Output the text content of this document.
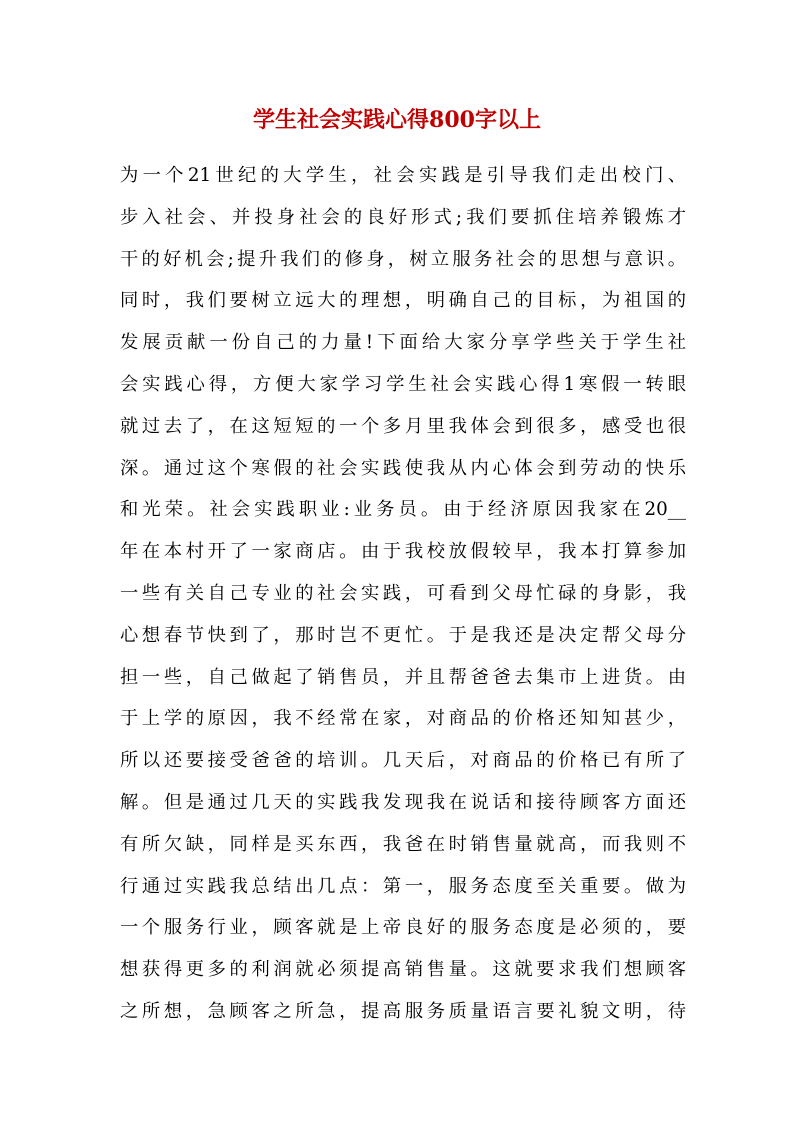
学生社会实践心得800字以上
为一个21世纪的大学生，社会实践是引导我们走出校门、
步入社会、并投身社会的良好形式;我们要抓住培养锻炼才
干的好机会;提升我们的修身，树立服务社会的思想与意识。
同时，我们要树立远大的理想，明确自己的目标，为祖国的
发展贡献一份自己的力量!下面给大家分享学些关于学生社
会实践心得，方便大家学习学生社会实践心得1寒假一转眼
就过去了，在这短短的一个多月里我体会到很多，感受也很
深。通过这个寒假的社会实践使我从内心体会到劳动的快乐
和光荣。社会实践职业:业务员。由于经济原因我家在20__
年在本村开了一家商店。由于我校放假较早，我本打算参加
一些有关自己专业的社会实践，可看到父母忙碌的身影，我
心想春节快到了，那时岂不更忙。于是我还是决定帮父母分
担一些，自己做起了销售员，并且帮爸爸去集市上进货。由
于上学的原因，我不经常在家，对商品的价格还知知甚少，
所以还要接受爸爸的培训。几天后，对商品的价格已有所了
解。但是通过几天的实践我发现我在说话和接待顾客方面还
有所欠缺，同样是买东西，我爸在时销售量就高，而我则不
行通过实践我总结出几点：第一，服务态度至关重要。做为
一个服务行业，顾客就是上帝良好的服务态度是必须的，要
想获得更多的利润就必须提高销售量。这就要求我们想顾客
之所想，急顾客之所急，提高服务质量语言要礼貌文明，待
